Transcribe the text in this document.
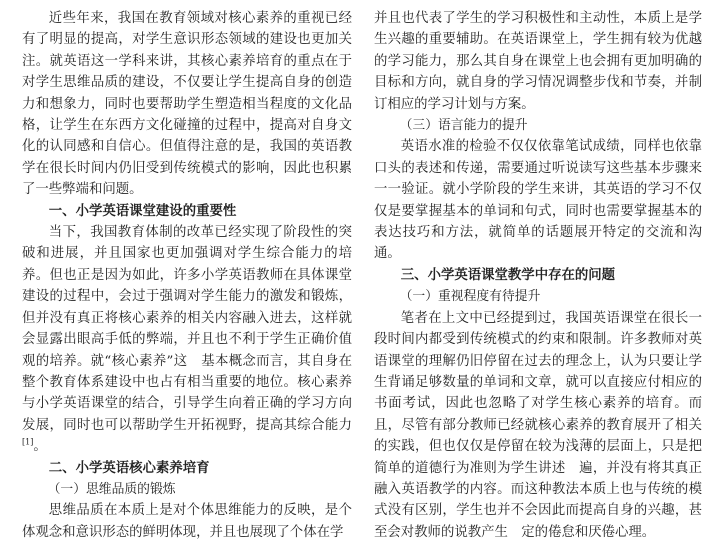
近些年来，我国在教育领域对核心素养的重视已经有了明显的提高，对学生意识形态领域的建设也更加关注。就英语这一学科来讲，其核心素养培育的重点在于对学生思维品质的建设，不仅要让学生提高自身的创造力和想象力，同时也要帮助学生塑造相当程度的文化品格，让学生在东西方文化碰撞的过程中，提高对自身文化的认同感和自信心。但值得注意的是，我国的英语教学在很长时间内仍旧受到传统模式的影响，因此也积累了一些弊端和问题。

一、小学英语课堂建设的重要性

当下，我国教育体制的改革已经实现了阶段性的突破和进展，并且国家也更加强调对学生综合能力的培养。但也正是因为如此，许多小学英语教师在具体课堂建设的过程中，会过于强调对学生能力的激发和锻炼，但并没有真正将核心素养的相关内容融入进去，这样就会显露出眼高手低的弊端，并且也不利于学生正确价值观的培养。就“核心素养”这　基本概念而言，其自身在整个教育体系建设中也占有相当重要的地位。核心素养与小学英语课堂的结合，引导学生向着正确的学习方向发展，同时也可以帮助学生开拓视野，提高其综合能力[1]。

二、小学英语核心素养培育
（一）思维品质的锻炼

思维品质在本质上是对个体思维能力的反映，是个体观念和意识形态的鲜明体现，并且也展现了个体在学

并且也代表了学生的学习积极性和主动性，本质上是学生兴趣的重要辅助。在英语课堂上，学生拥有较为优越的学习能力，那么其自身在课堂上也会拥有更加明确的目标和方向，就自身的学习情况调整步伐和节奏，并制订相应的学习计划与方案。

（三）语言能力的提升

英语水准的检验不仅仅依靠笔试成绩，同样也依靠口头的表述和传递，需要通过听说读写这些基本步骤来一一验证。就小学阶段的学生来讲，其英语的学习不仅仅是要掌握基本的单词和句式，同时也需要掌握基本的表达技巧和方法，就简单的话题展开特定的交流和沟通。

三、小学英语课堂教学中存在的问题
（一）重视程度有待提升

笔者在上文中已经提到过，我国英语课堂在很长一段时间内都受到传统模式的约束和限制。许多教师对英语课堂的理解仍旧停留在过去的理念上，认为只要让学生背诵足够数量的单词和文章，就可以直接应付相应的书面考试，因此也忽略了对学生核心素养的培育。而且，尽管有部分教师已经就核心素养的教育展开了相关的实践，但也仅仅是停留在较为浅薄的层面上，只是把简单的道德行为准则为学生讲述　遍，并没有将其真正融入英语教学的内容。而这种教法本质上也与传统的模式没有区别，学生也并不会因此而提高自身的兴趣，甚至会对教师的说教产生　定的倦怠和厌倦心理。
